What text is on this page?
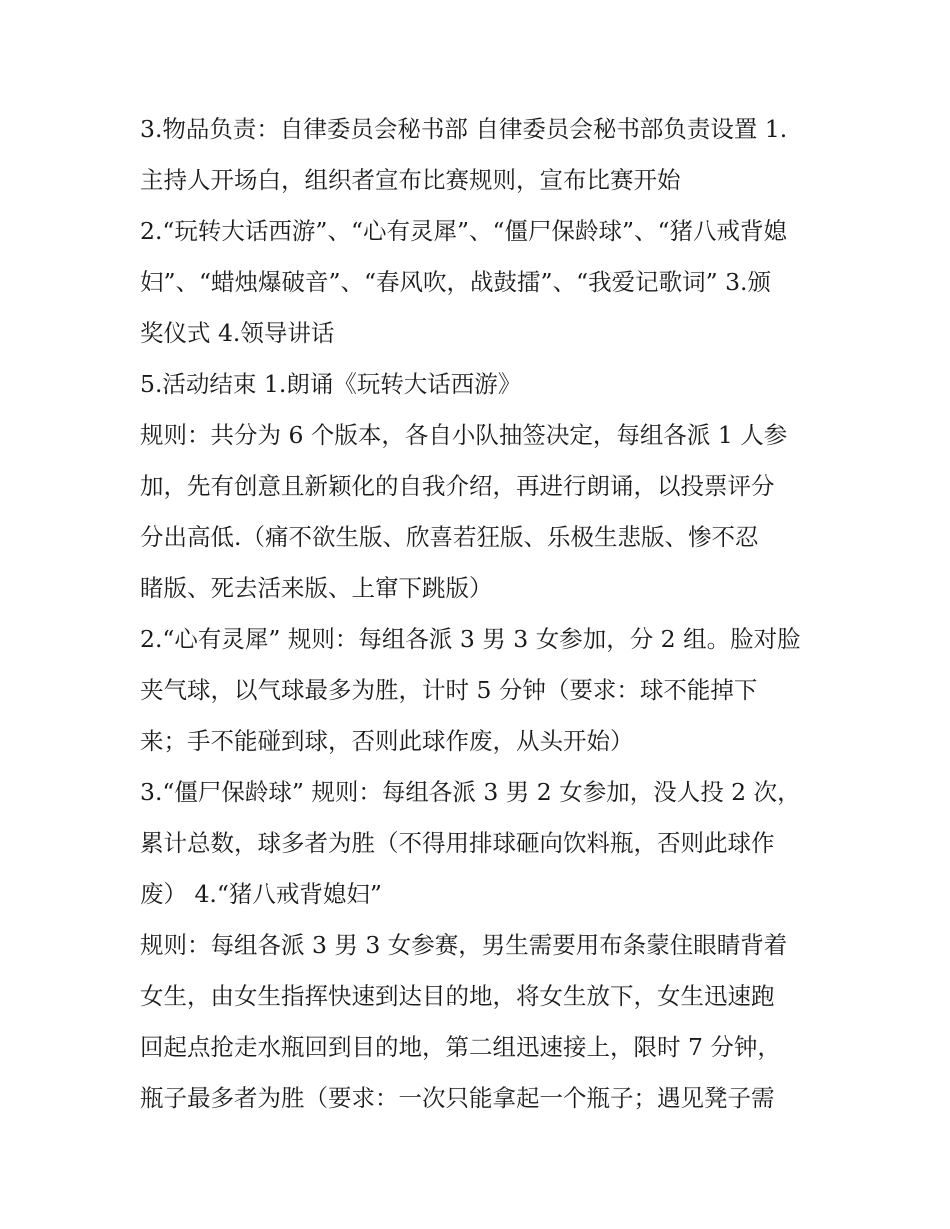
3.物品负责：自律委员会秘书部 自律委员会秘书部负责设置 1.
主持人开场白，组织者宣布比赛规则，宣布比赛开始
2.“玩转大话西游”、“心有灵犀”、“僵尸保龄球”、“猪八戒背媳
妇”、“蜡烛爆破音”、“春风吹，战鼓擂”、“我爱记歌词” 3.颁
奖仪式 4.领导讲话
5.活动结束 1.朗诵《玩转大话西游》
规则：共分为 6 个版本，各自小队抽签决定，每组各派 1 人参
加，先有创意且新颖化的自我介绍，再进行朗诵，以投票评分
分出高低.（痛不欲生版、欣喜若狂版、乐极生悲版、惨不忍
睹版、死去活来版、上窜下跳版）
2.“心有灵犀” 规则：每组各派 3 男 3 女参加，分 2 组。脸对脸
夹气球，以气球最多为胜，计时 5 分钟（要求：球不能掉下
来；手不能碰到球，否则此球作废，从头开始）
3.“僵尸保龄球” 规则：每组各派 3 男 2 女参加，没人投 2 次，
累计总数，球多者为胜（不得用排球砸向饮料瓶，否则此球作
废） 4.“猪八戒背媳妇”
规则：每组各派 3 男 3 女参赛，男生需要用布条蒙住眼睛背着
女生，由女生指挥快速到达目的地，将女生放下，女生迅速跑
回起点抢走水瓶回到目的地，第二组迅速接上，限时 7 分钟，
瓶子最多者为胜（要求：一次只能拿起一个瓶子；遇见凳子需
